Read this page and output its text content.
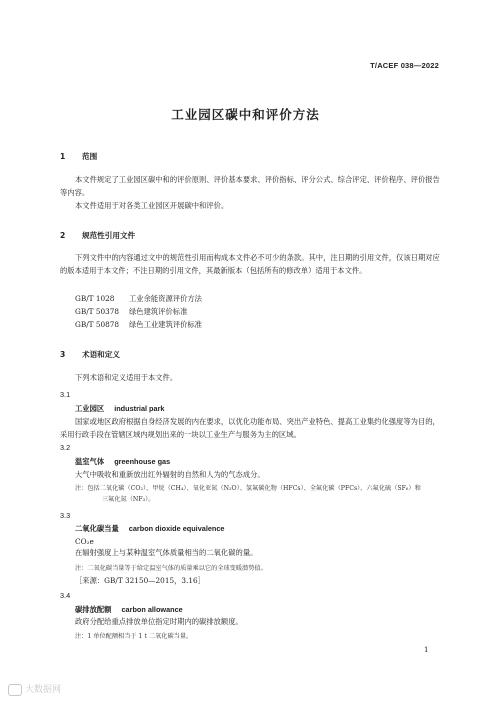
T/ACEF 038—2022
工业园区碳中和评价方法
1 范围
本文件规定了工业园区碳中和的评价原则、评价基本要求、评价指标、评分公式、综合评定、评价程序、评价报告等内容。
本文件适用于对各类工业园区开展碳中和评价。
2 规范性引用文件
下列文件中的内容通过文中的规范性引用而构成本文件必不可少的条款。其中，注日期的引用文件，仅该日期对应的版本适用于本文件；不注日期的引用文件，其最新版本（包括所有的修改单）适用于本文件。
GB/T 1028 工业余能资源评价方法
GB/T 50378 绿色建筑评价标准
GB/T 50878 绿色工业建筑评价标准
3 术语和定义
下列术语和定义适用于本文件。
3.1
工业园区 industrial park
国家或地区政府根据自身经济发展的内在要求，以优化功能布局、突出产业特色、提高工业集约化强度等为目的，采用行政手段在管辖区域内规划出来的一块以工业生产与服务为主的区域。
3.2
温室气体 greenhouse gas
大气中吸收和重新放出红外辐射的自然和人为的气态成分。
注：包括二氧化碳（CO₂）、甲烷（CH₄）、氧化亚氮（N₂O）、氢氟碳化物（HFCs）、全氟化碳（PFCs）、六氟化硫（SF₆）和
三氟化氮（NF₃）。
3.3
二氧化碳当量 carbon dioxide equivalence
CO₂e
在辐射强度上与某种温室气体质量相当的二氧化碳的量。
注：二氧化碳当量等于给定温室气体的质量乘以它的全球变暖潜势值。
［来源：GB/T 32150—2015，3.16］
3.4
碳排放配额 carbon allowance
政府分配给重点排放单位指定时期内的碳排放额度。
注：1 单位配额相当于 1 t 二氧化碳当量。
1
大数据网
